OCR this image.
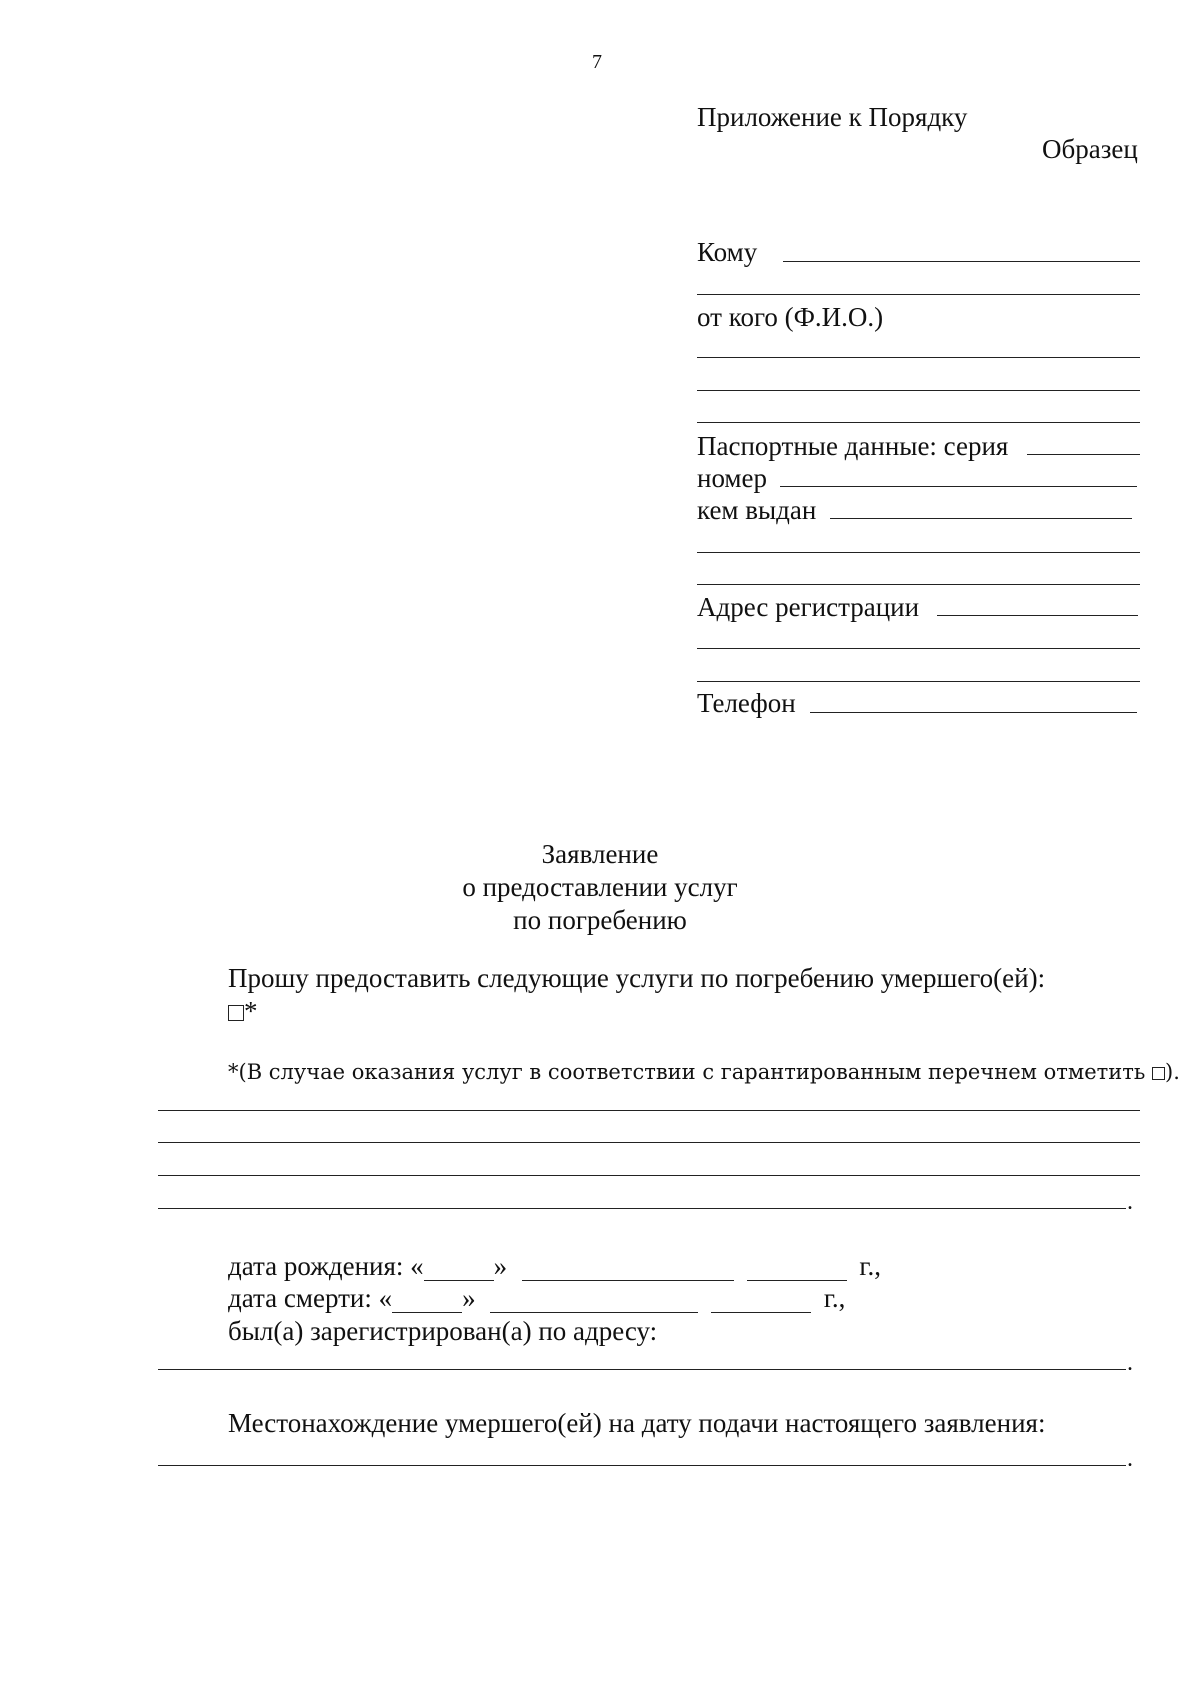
7
Приложение к Порядку
Образец
Кому
от кого (Ф.И.О.)
Паспортные данные: серия
номер
кем выдан
Адрес регистрации
Телефон
Заявление
о предоставлении услуг
по погребению
Прошу предоставить следующие услуги по погребению умершего(ей):
*
*(В случае оказания услуг в соответствии с гарантированным перечнем отметить ).
.
дата рождения: «	»	г.,
дата смерти: «	»	г.,
был(а) зарегистрирован(а) по адресу:
.
Местонахождение умершего(ей) на дату подачи настоящего заявления:
.
